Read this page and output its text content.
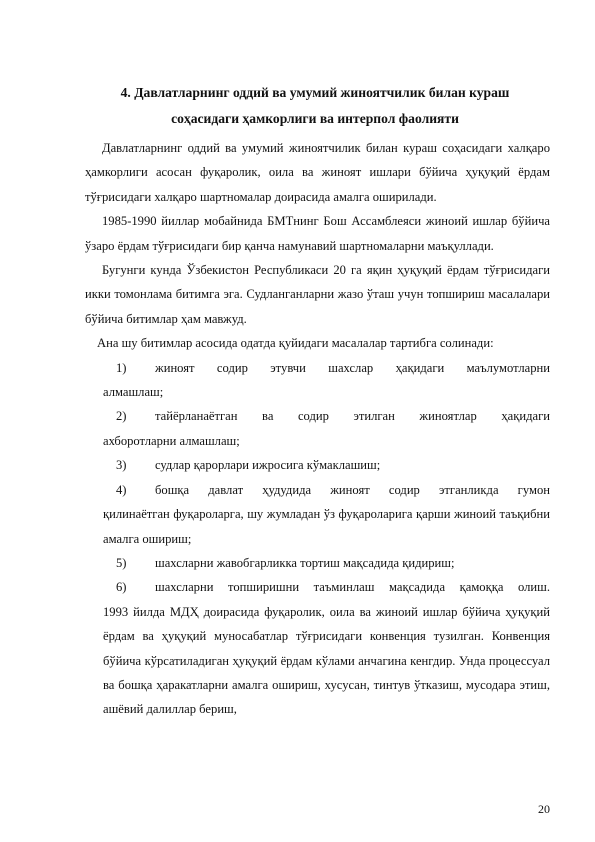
4. Давлатларнинг оддий ва умумий жиноятчилик билан кураш
соҳасидаги ҳамкорлиги ва интерпол фаолияти

Давлатларнинг оддий ва умумий жиноятчилик билан кураш соҳасидаги халқаро ҳамкорлиги асосан фуқаролик, оила ва жиноят ишлари бўйича ҳуқуқий ёрдам тўғрисидаги халқаро шартномалар доирасида амалга оширилади.

1985-1990 йиллар мобайнида БМТнинг Бош Ассамблеяси жиноий ишлар бўйича ўзаро ёрдам тўғрисидаги бир қанча намунавий шартномаларни маъқуллади.

Бугунги кунда Ўзбекистон Республикаси 20 га яқин ҳуқуқий ёрдам тўғрисидаги икки томонлама битимга эга. Судланганларни жазо ўташ учун топшириш масалалари бўйича битимлар ҳам мавжуд.

Ана шу битимлар асосида одатда қуйидаги масалалар тартибга солинади:

1)	жиноят содир этувчи шахслар ҳақидаги маълумотларни
алмашлаш;
2)	тайёрланаётган ва содир этилган жиноятлар ҳақидаги
ахборотларни алмашлаш;
3)	судлар қарорлари ижросига кўмаклашиш;
4)	бошқа давлат ҳудудида жиноят содир этганликда гумон
қилинаётган фуқароларга, шу жумладан ўз фуқароларига қарши жиноий таъқибни амалга ошириш;
5)	шахсларни жавобгарликка тортиш мақсадида қидириш;
6)	шахсларни топширишни таъминлаш мақсадида қамоққа олиш.
1993 йилда МДҲ доирасида фуқаролик, оила ва жиноий ишлар бўйича ҳуқуқий ёрдам ва ҳуқуқий муносабатлар тўғрисидаги конвенция тузилган. Конвенция бўйича кўрсатиладиган ҳуқуқий ёрдам кўлами анчагина кенгдир. Унда процессуал ва бошқа ҳаракатларни амалга ошириш, хусусан, тинтув ўтказиш, мусодара этиш, ашёвий далиллар бериш,
20
